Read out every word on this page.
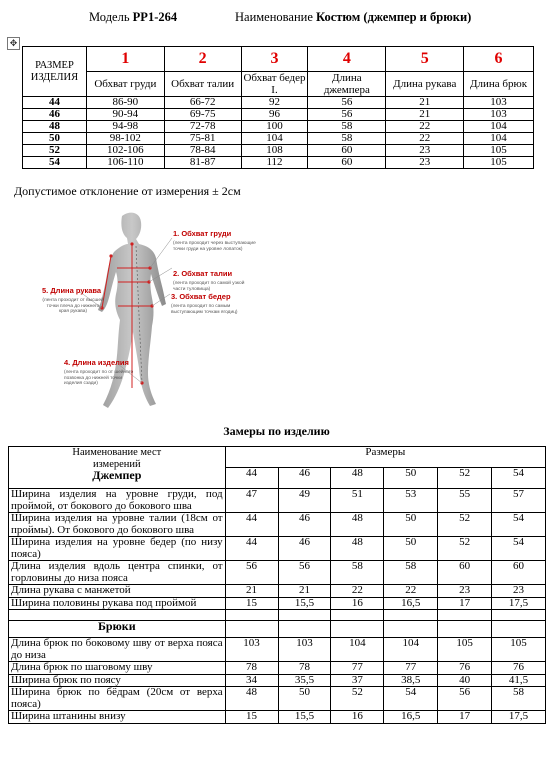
Модель PP1-264	Наименование Костюм (джемпер и брюки)
✥
РАЗМЕР ИЗДЕЛИЯ	1	2	3	4	5	6
	Обхват груди	Обхват талии	Обхват бедер I.	Длина джемпера	Длина рукава	Длина брюк
44	86-90	66-72	92	56	21	103
46	90-94	69-75	96	56	21	103
48	94-98	72-78	100	58	22	104
50	98-102	75-81	104	58	22	104
52	102-106	78-84	108	60	23	105
54	106-110	81-87	112	60	23	105
Допустимое отклонение от измерения ± 2см
1. Обхват груди
(лента проходит через выступающие точки груди на уровне лопаток)
2. Обхват талии
(лента проходит по самой узкой части туловища)
3. Обхват бедер
(лента проходит по самым выступающим точкам ягодиц)
5. Длина рукава
(лента проходит от высшей точки плеча до нижнего края рукава)
4. Длина изделия
(лента проходит по от шейного позвонка до нижней точки изделия сзади)
Замеры по изделию
Наименование мест измерений
Джемпер	Размеры					
	44	46	48	50	52	54
Ширина изделия на уровне груди, под проймой, от бокового до бокового шва	47	49	51	53	55	57
Ширина изделия на уровне талии (18см от проймы). От бокового до бокового шва	44	46	48	50	52	54
Ширина изделия на уровне бедер (по низу пояса)	44	46	48	50	52	54
Длина изделия вдоль центра спинки, от горловины до низа пояса	56	56	58	58	60	60
Длина рукава с манжетой	21	21	22	22	23	23
Ширина половины рукава под проймой	15	15,5	16	16,5	17	17,5

Брюки						
Длина брюк по боковому шву от верха пояса до низа	103	103	104	104	105	105
Длина брюк по шаговому шву	78	78	77	77	76	76
Ширина брюк по поясу	34	35,5	37	38,5	40	41,5
Ширина брюк по бёдрам (20см от верха пояса)	48	50	52	54	56	58
Ширина штанины внизу	15	15,5	16	16,5	17	17,5
